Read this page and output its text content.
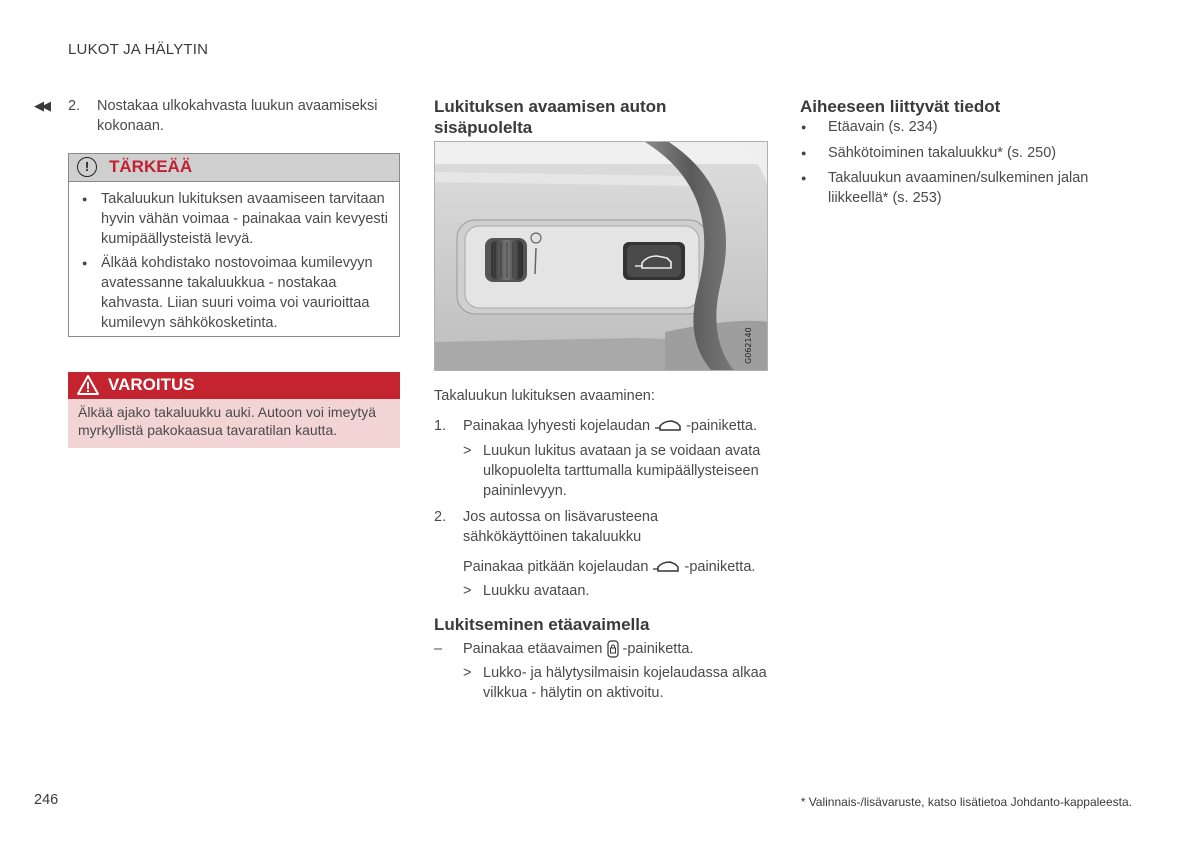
LUKOT JA HÄLYTIN
◀◀ 2. Nostakaa ulkokahvasta luukun avaamiseksi kokonaan.
!	TÄRKEÄÄ
● Takaluukun lukituksen avaamiseen tarvitaan hyvin vähän voimaa - painakaa vain kevyesti kumipäällysteistä levyä.
● Älkää kohdistako nostovoimaa kumilevyyn avatessanne takaluukkua - nostakaa kahvasta. Liian suuri voima voi vaurioittaa kumilevyn sähkökosketinta.
VAROITUS
Älkää ajako takaluukku auki. Autoon voi imeytyä myrkyllistä pakokaasua tavaratilan kautta.
Lukituksen avaamisen auton sisäpuolelta
G062140
Takaluukun lukituksen avaaminen:
1. Painakaa lyhyesti kojelaudan -painiketta.
> Luukun lukitus avataan ja se voidaan avata ulkopuolelta tarttumalla kumipäällysteiseen paininlevyyn.
2. Jos autossa on lisävarusteena sähkökäyttöinen takaluukku
Painakaa pitkään kojelaudan -painiketta.
> Luukku avataan.
Lukitseminen etäavaimella
– Painakaa etäavaimen -painiketta.
> Lukko- ja hälytysilmaisin kojelaudassa alkaa vilkkua - hälytin on aktivoitu.
Aiheeseen liittyvät tiedot
● Etäavain (s. 234)
● Sähkötoiminen takaluukku* (s. 250)
● Takaluukun avaaminen/sulkeminen jalan liikkeellä* (s. 253)
246	* Valinnais-/lisävaruste, katso lisätietoa Johdanto-kappaleesta.
